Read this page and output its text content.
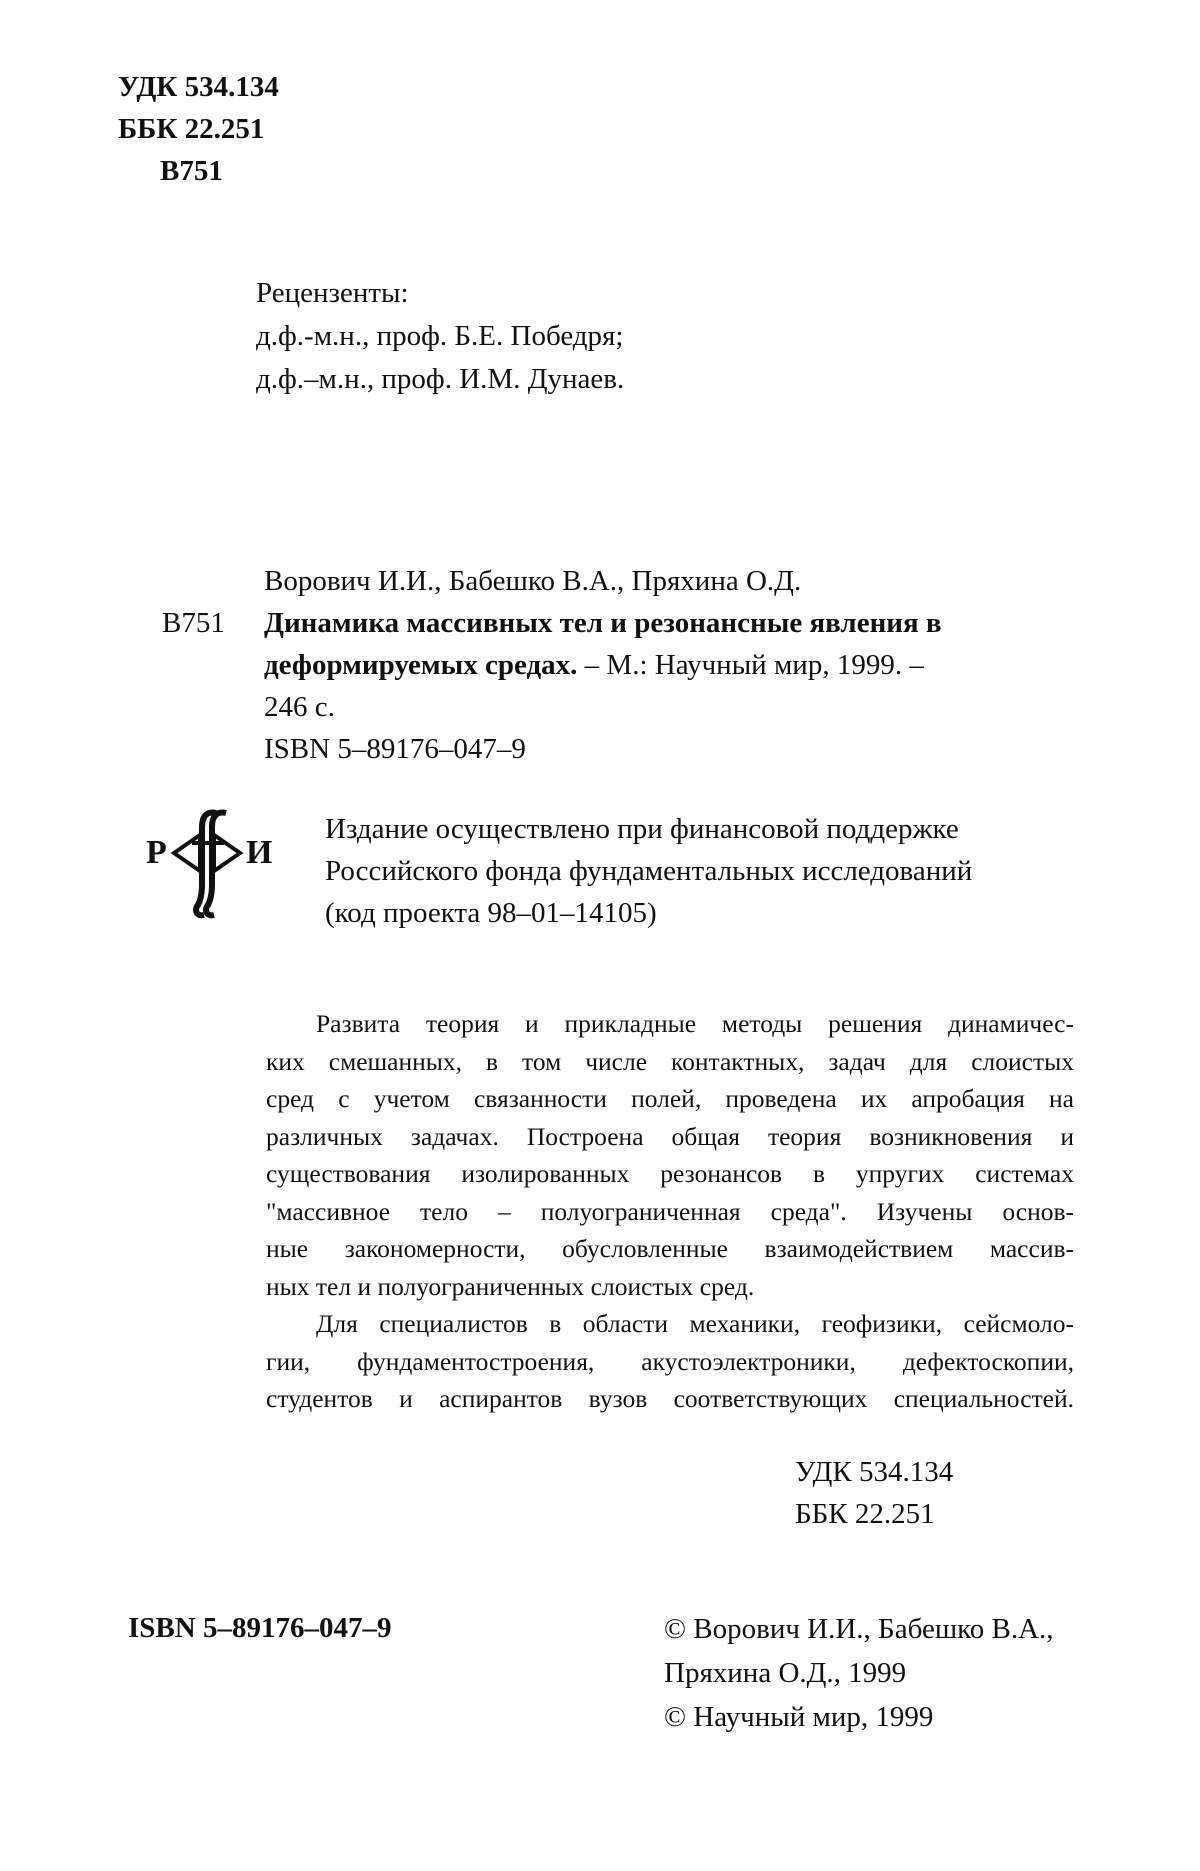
УДК 534.134
ББК 22.251
В751
Рецензенты:
д.ф.-м.н., проф. Б.Е. Победря;
д.ф.–м.н., проф. И.М. Дунаев.
Ворович И.И., Бабешко В.А., Пряхина О.Д.
В751	Динамика массивных тел и резонансные явления в
деформируемых средах. – М.: Научный мир, 1999. –
246 с.
ISBN 5–89176–047–9
Р И
Издание осуществлено при финансовой поддержке
Российского фонда фундаментальных исследований
(код проекта 98–01–14105)
Развита теория и прикладные методы решения динамичес-
ких смешанных, в том числе контактных, задач для слоистых
сред с учетом связанности полей, проведена их апробация на
различных задачах. Построена общая теория возникновения и
существования изолированных резонансов в упругих системах
"массивное тело – полуограниченная среда". Изучены основ-
ные закономерности, обусловленные взаимодействием массив-
ных тел и полуограниченных слоистых сред.
Для специалистов в области механики, геофизики, сейсмоло-
гии, фундаментостроения, акустоэлектроники, дефектоскопии,
студентов и аспирантов вузов соответствующих специальностей.
УДК 534.134
ББК 22.251
ISBN 5–89176–047–9	© Ворович И.И., Бабешко В.А.,
Пряхина О.Д., 1999
© Научный мир, 1999
